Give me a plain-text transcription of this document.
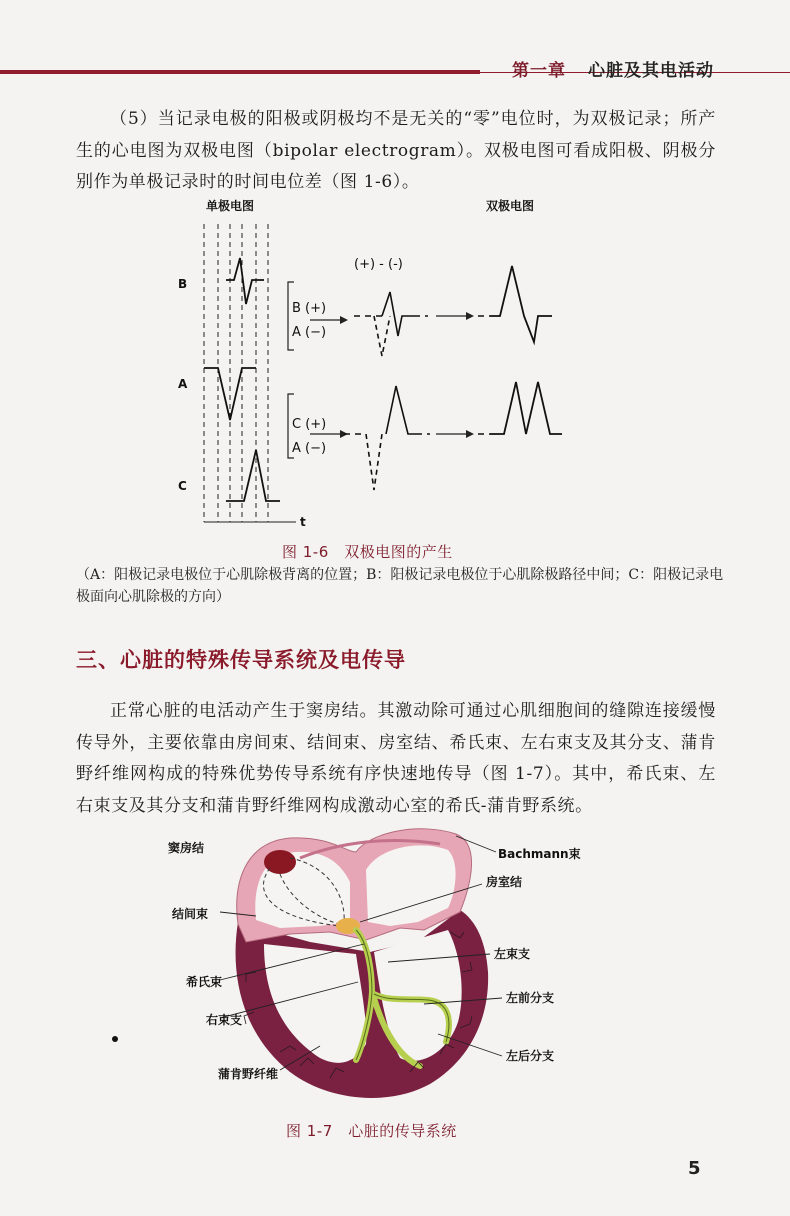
第一章 心脏及其电活动

（5）当记录电极的阳极或阴极均不是无关的“零”电位时，为双极记录；所产生的心电图为双极电图（bipolar electrogram）。双极电图可看成阳极、阴极分别作为单极记录时的时间电位差（图 1-6）。

单极电图	双极电图
t
B
A
C
B (+)
A (−)
C (+)
A (−)
(+) - (-)
图 1-6　双极电图的产生
（A：阳极记录电极位于心肌除极背离的位置；B：阳极记录电极位于心肌除极路径中间；C：阳极记录电极面向心肌除极的方向）
三、心脏的特殊传导系统及电传导

正常心脏的电活动产生于窦房结。其激动除可通过心肌细胞间的缝隙连接缓慢传导外，主要依靠由房间束、结间束、房室结、希氏束、左右束支及其分支、蒲肯野纤维网构成的特殊优势传导系统有序快速地传导（图 1-7）。其中，希氏束、左右束支及其分支和蒲肯野纤维网构成激动心室的希氏-蒲肯野系统。

窦房结	Bachmann束
房室结
结间束
左束支
希氏束
左前分支
右束支
左后分支
蒲肯野纤维
图 1-7　心脏的传导系统
5
